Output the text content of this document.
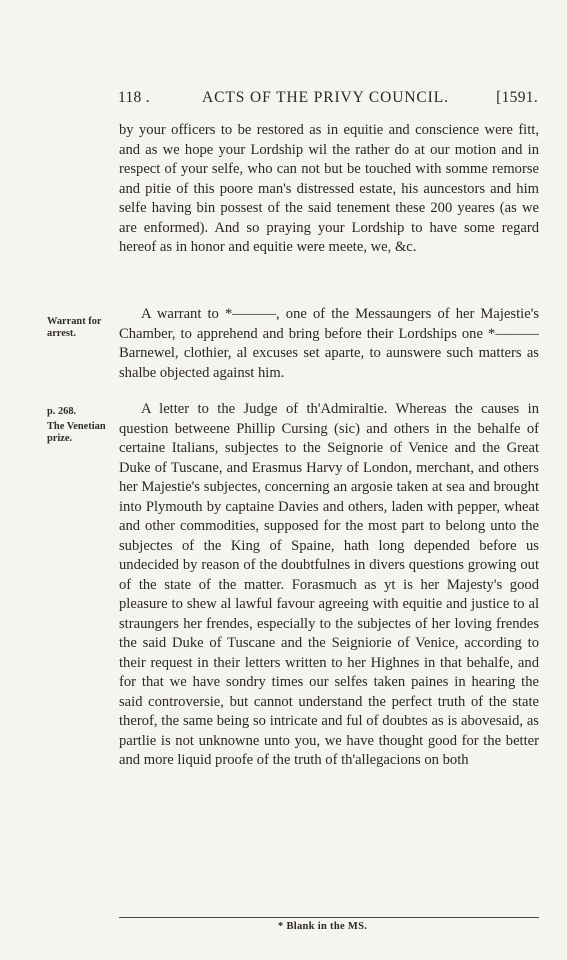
118 .	ACTS OF THE PRIVY COUNCIL.	[1591.

by your officers to be restored as in equitie and conscience were fitt, and as we hope your Lordship wil the rather do at our motion and in respect of your selfe, who can not but be touched with somme remorse and pitie of this poore man's distressed estate, his auncestors and him selfe having bin possest of the said tenement these 200 yeares (as we are enformed). And so praying your Lordship to have some regard hereof as in honor and equitie were meete, we, &c.

Warrant for arrest.

A warrant to *———, one of the Messaungers of her Majestie's Chamber, to apprehend and bring before their Lordships one *——— Barnewel, clothier, al excuses set aparte, to aunswere such matters as shalbe objected against him.

p. 268.
The Venetian prize.

A letter to the Judge of th'Admiraltie. Whereas the causes in question betweene Phillip Cursing (sic) and others in the behalfe of certaine Italians, subjectes to the Seignorie of Venice and the Great Duke of Tuscane, and Erasmus Harvy of London, merchant, and others her Majestie's subjectes, concerning an argosie taken at sea and brought into Plymouth by captaine Davies and others, laden with pepper, wheat and other commodities, supposed for the most part to belong unto the subjectes of the King of Spaine, hath long depended before us undecided by reason of the doubtfulnes in divers questions growing out of the state of the matter. Forasmuch as yt is her Majesty's good pleasure to shew al lawful favour agreeing with equitie and justice to al straungers her frendes, especially to the subjectes of her loving frendes the said Duke of Tuscane and the Seigniorie of Venice, according to their request in their letters written to her Highnes in that behalfe, and for that we have sondry times our selfes taken paines in hearing the said controversie, but cannot understand the perfect truth of the state therof, the same being so intricate and ful of doubtes as is abovesaid, as partlie is not unknowne unto you, we have thought good for the better and more liquid proofe of the truth of th'allegacions on both

* Blank in the MS.
